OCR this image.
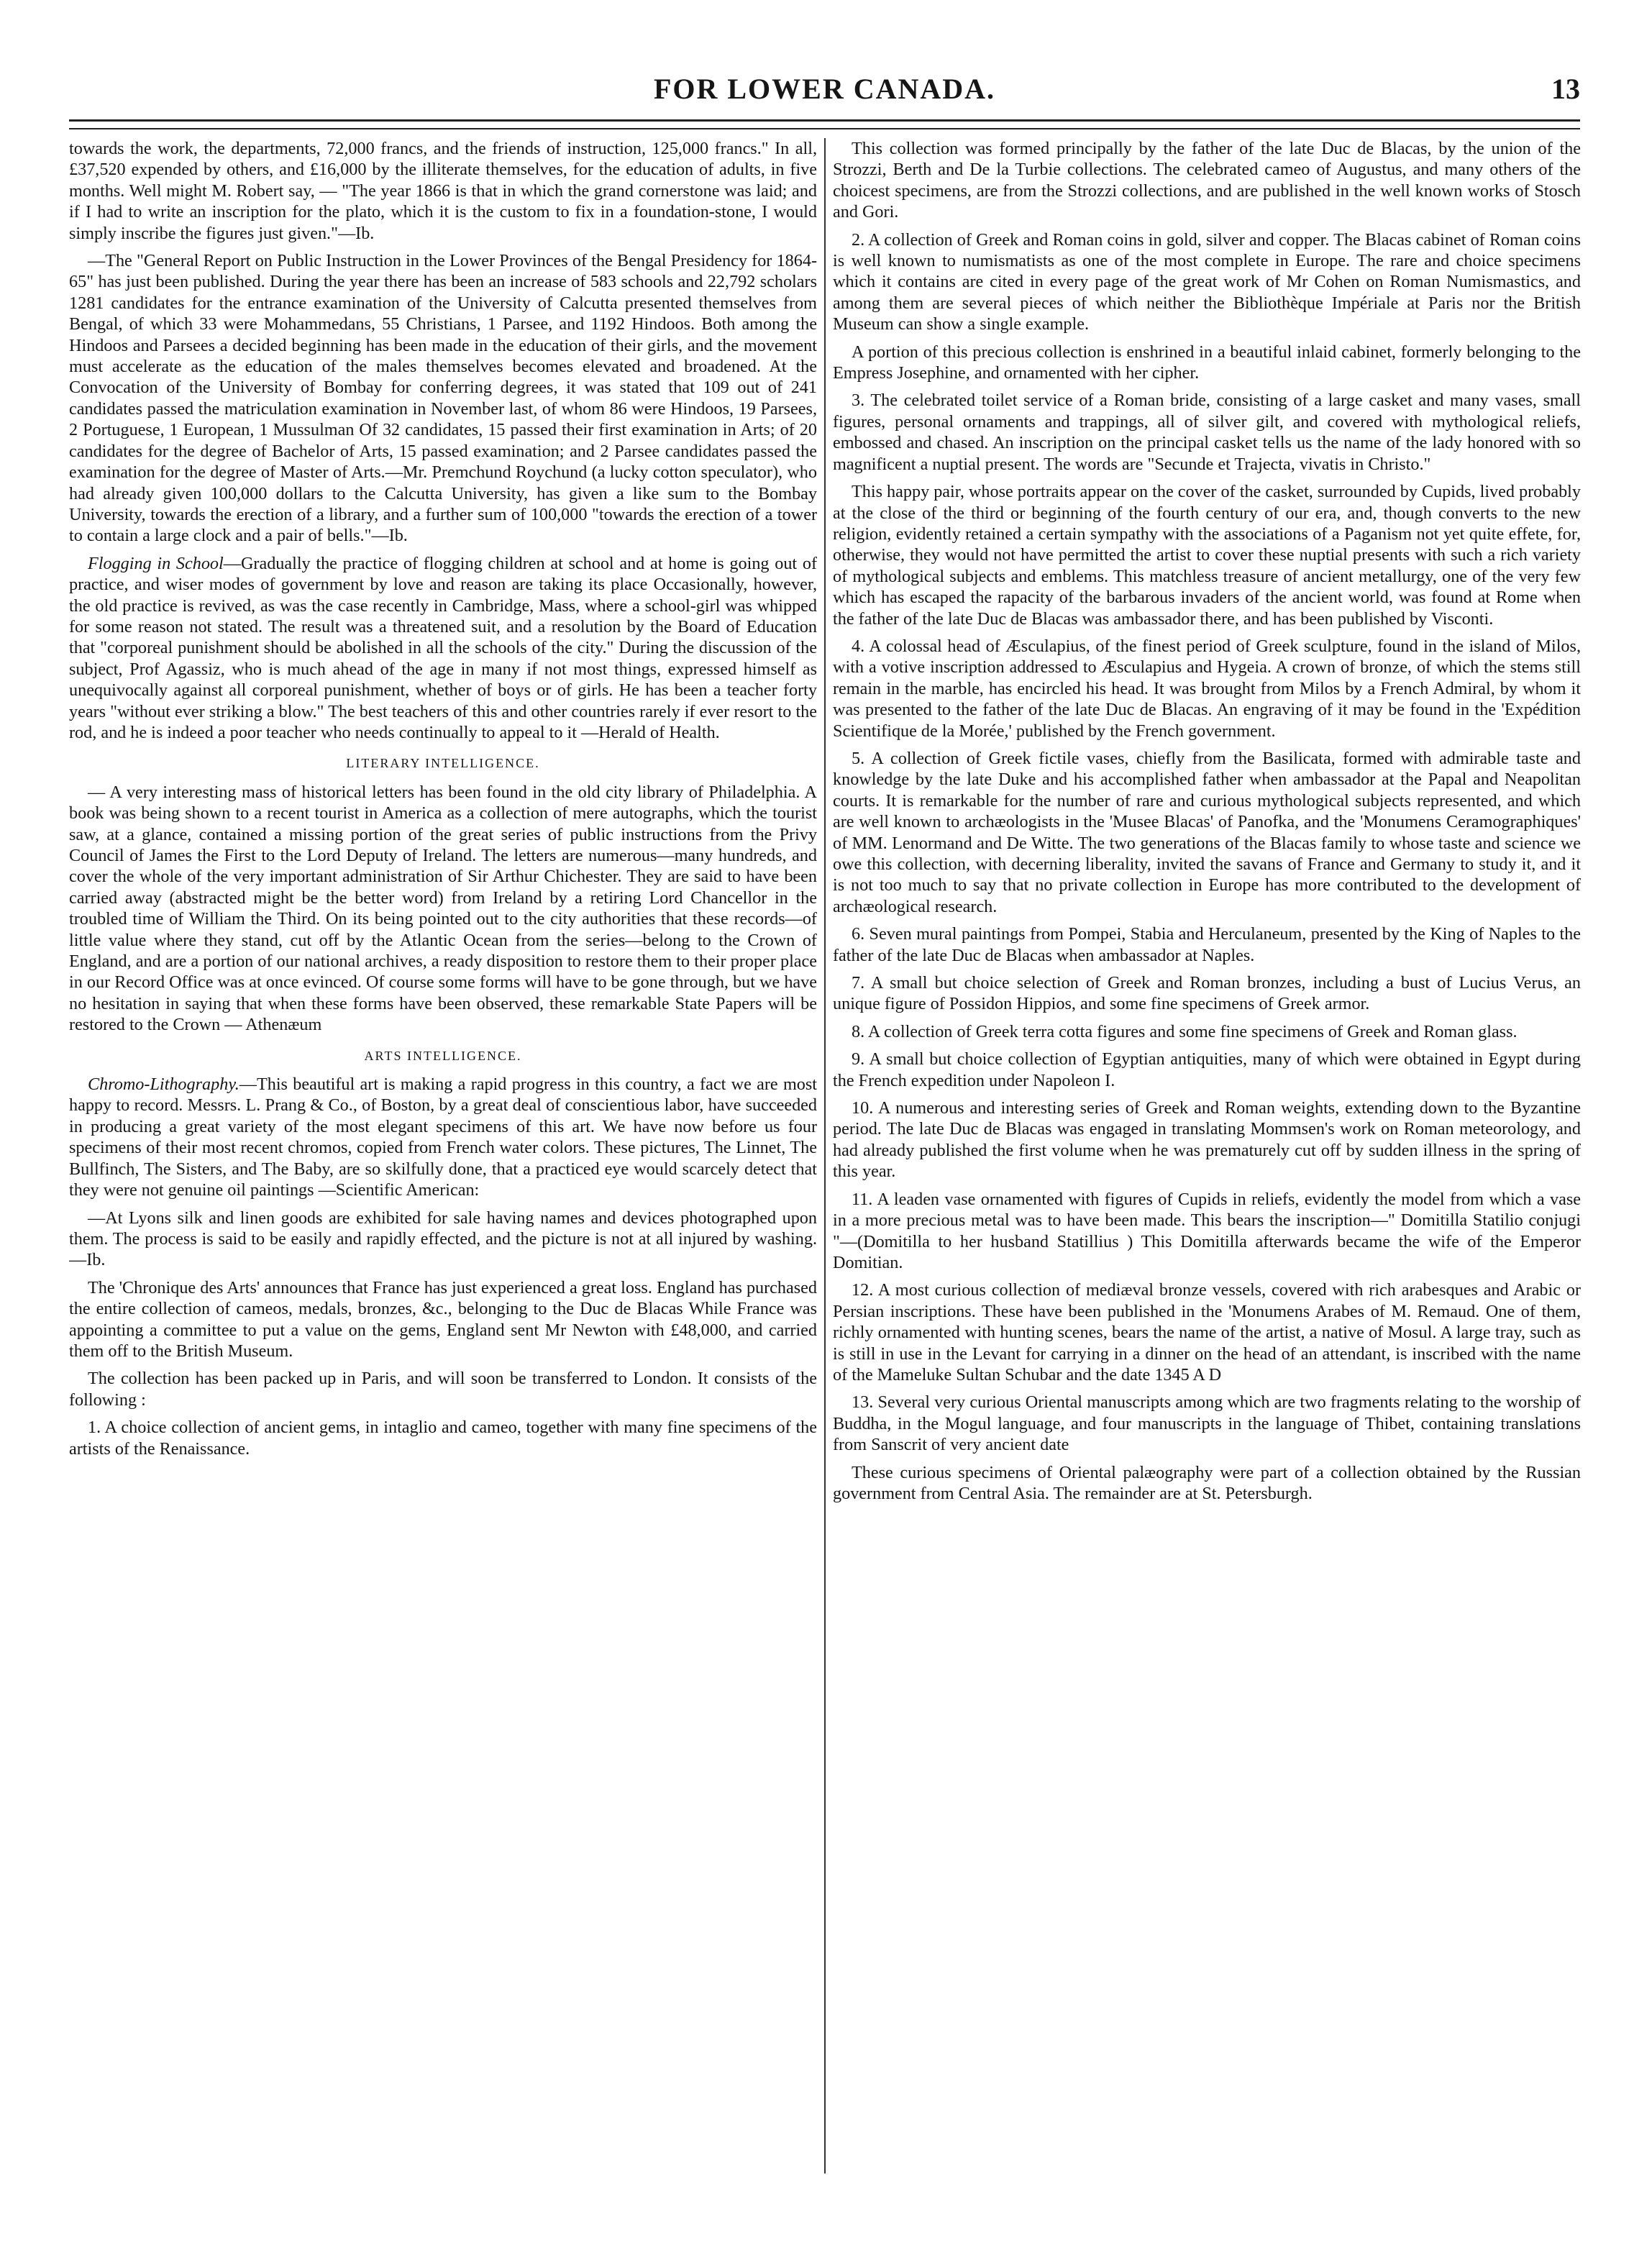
FOR LOWER CANADA.	13

towards the work, the departments, 72,000 francs, and the friends of instruction, 125,000 francs." In all, £37,520 expended by others, and £16,000 by the illiterate themselves, for the education of adults, in five months. Well might M. Robert say, — "The year 1866 is that in which the grand cornerstone was laid; and if I had to write an inscription for the plato, which it is the custom to fix in a foundation-stone, I would simply inscribe the figures just given."—Ib.

—The "General Report on Public Instruction in the Lower Provinces of the Bengal Presidency for 1864-65" has just been published. During the year there has been an increase of 583 schools and 22,792 scholars 1281 candidates for the entrance examination of the University of Calcutta presented themselves from Bengal, of which 33 were Mohammedans, 55 Christians, 1 Parsee, and 1192 Hindoos. Both among the Hindoos and Parsees a decided beginning has been made in the education of their girls, and the movement must accelerate as the education of the males themselves becomes elevated and broadened. At the Convocation of the University of Bombay for conferring degrees, it was stated that 109 out of 241 candidates passed the matriculation examination in November last, of whom 86 were Hindoos, 19 Parsees, 2 Portuguese, 1 European, 1 Mussulman Of 32 candidates, 15 passed their first examination in Arts; of 20 candidates for the degree of Bachelor of Arts, 15 passed examination; and 2 Parsee candidates passed the examination for the degree of Master of Arts.—Mr. Premchund Roychund (a lucky cotton speculator), who had already given 100,000 dollars to the Calcutta University, has given a like sum to the Bombay University, towards the erection of a library, and a further sum of 100,000 "towards the erection of a tower to contain a large clock and a pair of bells."—Ib.

Flogging in School—Gradually the practice of flogging children at school and at home is going out of practice, and wiser modes of government by love and reason are taking its place Occasionally, however, the old practice is revived, as was the case recently in Cambridge, Mass, where a school-girl was whipped for some reason not stated. The result was a threatened suit, and a resolution by the Board of Education that "corporeal punishment should be abolished in all the schools of the city." During the discussion of the subject, Prof Agassiz, who is much ahead of the age in many if not most things, expressed himself as unequivocally against all corporeal punishment, whether of boys or of girls. He has been a teacher forty years "without ever striking a blow." The best teachers of this and other countries rarely if ever resort to the rod, and he is indeed a poor teacher who needs continually to appeal to it —Herald of Health.

LITERARY INTELLIGENCE.

— A very interesting mass of historical letters has been found in the old city library of Philadelphia. A book was being shown to a recent tourist in America as a collection of mere autographs, which the tourist saw, at a glance, contained a missing portion of the great series of public instructions from the Privy Council of James the First to the Lord Deputy of Ireland. The letters are numerous—many hundreds, and cover the whole of the very important administration of Sir Arthur Chichester. They are said to have been carried away (abstracted might be the better word) from Ireland by a retiring Lord Chancellor in the troubled time of William the Third. On its being pointed out to the city authorities that these records—of little value where they stand, cut off by the Atlantic Ocean from the series—belong to the Crown of England, and are a portion of our national archives, a ready disposition to restore them to their proper place in our Record Office was at once evinced. Of course some forms will have to be gone through, but we have no hesitation in saying that when these forms have been observed, these remarkable State Papers will be restored to the Crown — Athenæum

ARTS INTELLIGENCE.

Chromo-Lithography.—This beautiful art is making a rapid progress in this country, a fact we are most happy to record. Messrs. L. Prang & Co., of Boston, by a great deal of conscientious labor, have succeeded in producing a great variety of the most elegant specimens of this art. We have now before us four specimens of their most recent chromos, copied from French water colors. These pictures, The Linnet, The Bullfinch, The Sisters, and The Baby, are so skilfully done, that a practiced eye would scarcely detect that they were not genuine oil paintings —Scientific American:

—At Lyons silk and linen goods are exhibited for sale having names and devices photographed upon them. The process is said to be easily and rapidly effected, and the picture is not at all injured by washing.—Ib.

The 'Chronique des Arts' announces that France has just experienced a great loss. England has purchased the entire collection of cameos, medals, bronzes, &c., belonging to the Duc de Blacas While France was appointing a committee to put a value on the gems, England sent Mr Newton with £48,000, and carried them off to the British Museum.

The collection has been packed up in Paris, and will soon be transferred to London. It consists of the following :

1. A choice collection of ancient gems, in intaglio and cameo, together with many fine specimens of the artists of the Renaissance.

This collection was formed principally by the father of the late Duc de Blacas, by the union of the Strozzi, Berth and De la Turbie collections. The celebrated cameo of Augustus, and many others of the choicest specimens, are from the Strozzi collections, and are published in the well known works of Stosch and Gori.

2. A collection of Greek and Roman coins in gold, silver and copper. The Blacas cabinet of Roman coins is well known to numismatists as one of the most complete in Europe. The rare and choice specimens which it contains are cited in every page of the great work of Mr Cohen on Roman Numismastics, and among them are several pieces of which neither the Bibliothèque Impériale at Paris nor the British Museum can show a single example.

A portion of this precious collection is enshrined in a beautiful inlaid cabinet, formerly belonging to the Empress Josephine, and ornamented with her cipher.

3. The celebrated toilet service of a Roman bride, consisting of a large casket and many vases, small figures, personal ornaments and trappings, all of silver gilt, and covered with mythological reliefs, embossed and chased. An inscription on the principal casket tells us the name of the lady honored with so magnificent a nuptial present. The words are "Secunde et Trajecta, vivatis in Christo."

This happy pair, whose portraits appear on the cover of the casket, surrounded by Cupids, lived probably at the close of the third or beginning of the fourth century of our era, and, though converts to the new religion, evidently retained a certain sympathy with the associations of a Paganism not yet quite effete, for, otherwise, they would not have permitted the artist to cover these nuptial presents with such a rich variety of mythological subjects and emblems. This matchless treasure of ancient metallurgy, one of the very few which has escaped the rapacity of the barbarous invaders of the ancient world, was found at Rome when the father of the late Duc de Blacas was ambassador there, and has been published by Visconti.

4. A colossal head of Æsculapius, of the finest period of Greek sculpture, found in the island of Milos, with a votive inscription addressed to Æsculapius and Hygeia. A crown of bronze, of which the stems still remain in the marble, has encircled his head. It was brought from Milos by a French Admiral, by whom it was presented to the father of the late Duc de Blacas. An engraving of it may be found in the 'Expédition Scientifique de la Morée,' published by the French government.

5. A collection of Greek fictile vases, chiefly from the Basilicata, formed with admirable taste and knowledge by the late Duke and his accomplished father when ambassador at the Papal and Neapolitan courts. It is remarkable for the number of rare and curious mythological subjects represented, and which are well known to archæologists in the 'Musee Blacas' of Panofka, and the 'Monumens Ceramographiques' of MM. Lenormand and De Witte. The two generations of the Blacas family to whose taste and science we owe this collection, with decerning liberality, invited the savans of France and Germany to study it, and it is not too much to say that no private collection in Europe has more contributed to the development of archæological research.

6. Seven mural paintings from Pompei, Stabia and Herculaneum, presented by the King of Naples to the father of the late Duc de Blacas when ambassador at Naples.

7. A small but choice selection of Greek and Roman bronzes, including a bust of Lucius Verus, an unique figure of Possidon Hippios, and some fine specimens of Greek armor.

8. A collection of Greek terra cotta figures and some fine specimens of Greek and Roman glass.

9. A small but choice collection of Egyptian antiquities, many of which were obtained in Egypt during the French expedition under Napoleon I.

10. A numerous and interesting series of Greek and Roman weights, extending down to the Byzantine period. The late Duc de Blacas was engaged in translating Mommsen's work on Roman meteorology, and had already published the first volume when he was prematurely cut off by sudden illness in the spring of this year.

11. A leaden vase ornamented with figures of Cupids in reliefs, evidently the model from which a vase in a more precious metal was to have been made. This bears the inscription—" Domitilla Statilio conjugi "—(Domitilla to her husband Statillius ) This Domitilla afterwards became the wife of the Emperor Domitian.

12. A most curious collection of mediæval bronze vessels, covered with rich arabesques and Arabic or Persian inscriptions. These have been published in the 'Monumens Arabes of M. Remaud. One of them, richly ornamented with hunting scenes, bears the name of the artist, a native of Mosul. A large tray, such as is still in use in the Levant for carrying in a dinner on the head of an attendant, is inscribed with the name of the Mameluke Sultan Schubar and the date 1345 A D

13. Several very curious Oriental manuscripts among which are two fragments relating to the worship of Buddha, in the Mogul language, and four manuscripts in the language of Thibet, containing translations from Sanscrit of very ancient date

These curious specimens of Oriental palæography were part of a collection obtained by the Russian government from Central Asia. The remainder are at St. Petersburgh.
